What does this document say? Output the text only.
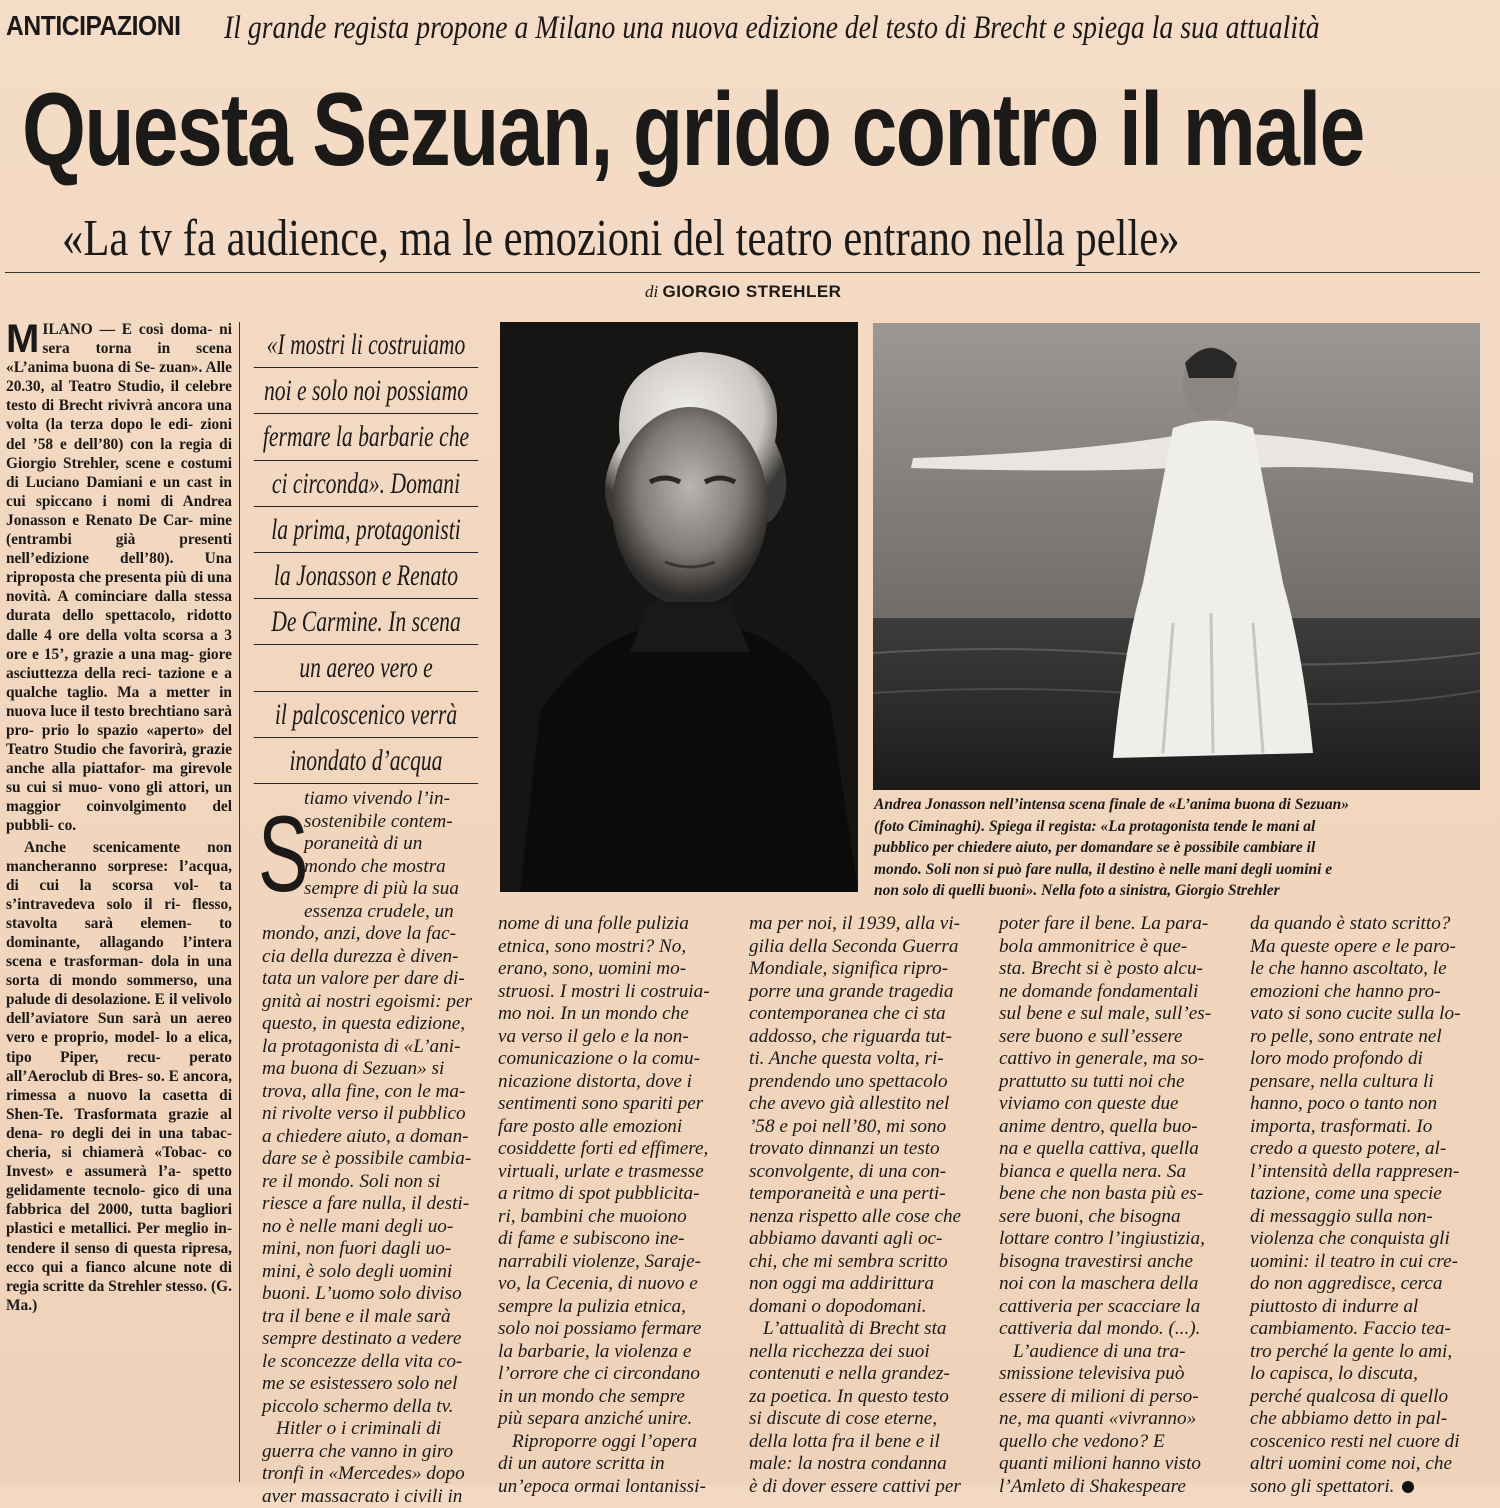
ANTICIPAZIONI Il grande regista propone a Milano una nuova edizione del testo di Brecht e spiega la sua attualità
Questa Sezuan, grido contro il male
«La tv fa audience, ma le emozioni del teatro entrano nella pelle»
di GIORGIO STREHLER
M ILANO — E così doma- ni sera torna in scena «L’anima buona di Se- zuan». Alle 20.30, al Teatro Studio, il celebre testo di Brecht rivivrà ancora una volta (la terza dopo le edi- zioni del ’58 e dell’80) con la regia di Giorgio Strehler, scene e costumi di Luciano Damiani e un cast in cui spiccano i nomi di Andrea Jonasson e Renato De Car- mine (entrambi già presenti nell’edizione dell’80). Una riproposta che presenta più di una novità. A cominciare dalla stessa durata dello spettacolo, ridotto dalle 4 ore della volta scorsa a 3 ore e 15’, grazie a una mag- giore asciuttezza della reci- tazione e a qualche taglio. Ma a metter in nuova luce il testo brechtiano sarà pro- prio lo spazio «aperto» del Teatro Studio che favorirà, grazie anche alla piattafor- ma girevole su cui si muo- vono gli attori, un maggior coinvolgimento del pubbli- co.
Anche scenicamente non mancheranno sorprese: l’acqua, di cui la scorsa vol- ta s’intravedeva solo il ri- flesso, stavolta sarà elemen- to dominante, allagando l’intera scena e trasforman- dola in una sorta di mondo sommerso, una palude di desolazione. E il velivolo dell’aviatore Sun sarà un aereo vero e proprio, model- lo a elica, tipo Piper, recu- perato all’Aeroclub di Bres- so. E ancora, rimessa a nuovo la casetta di Shen-Te. Trasformata grazie al dena- ro degli dei in una tabac- cheria, si chiamerà «Tobac- co Invest» e assumerà l’a- spetto gelidamente tecnolo- gico di una fabbrica del 2000, tutta bagliori plastici e metallici. Per meglio in- tendere il senso di questa ripresa, ecco qui a fianco alcune note di regia scritte da Strehler stesso. (G. Ma.)
«I mostri li costruiamo
noi e solo noi possiamo
fermare la barbarie che
ci circonda». Domani
la prima, protagonisti
la Jonasson e Renato
De Carmine. In scena
un aereo vero e
il palcoscenico verrà
inondato d’acqua
Andrea Jonasson nell’intensa scena finale de «L’anima buona di Sezuan»
(foto Ciminaghi). Spiega il regista: «La protagonista tende le mani al
pubblico per chiedere aiuto, per domandare se è possibile cambiare il
mondo. Soli non si può fare nulla, il destino è nelle mani degli uomini e
non solo di quelli buoni». Nella foto a sinistra, Giorgio Strehler
S
tiamo vivendo l’in-
sostenibile contem-
poraneità di un
mondo che mostra
sempre di più la sua
essenza crudele, un
mondo, anzi, dove la fac-
cia della durezza è diven-
tata un valore per dare di-
gnità ai nostri egoismi: per
questo, in questa edizione,
la protagonista di «L’ani-
ma buona di Sezuan» si
trova, alla fine, con le ma-
ni rivolte verso il pubblico
a chiedere aiuto, a doman-
dare se è possibile cambia-
re il mondo. Soli non si
riesce a fare nulla, il desti-
no è nelle mani degli uo-
mini, non fuori dagli uo-
mini, è solo degli uomini
buoni. L’uomo solo diviso
tra il bene e il male sarà
sempre destinato a vedere
le sconcezze della vita co-
me se esistessero solo nel
piccolo schermo della tv.
Hitler o i criminali di
guerra che vanno in giro
tronfi in «Mercedes» dopo
aver massacrato i civili in
nome di una folle pulizia
etnica, sono mostri? No,
erano, sono, uomini mo-
struosi. I mostri li costruia-
mo noi. In un mondo che
va verso il gelo e la non-
comunicazione o la comu-
nicazione distorta, dove i
sentimenti sono spariti per
fare posto alle emozioni
cosiddette forti ed effimere,
virtuali, urlate e trasmesse
a ritmo di spot pubblicita-
ri, bambini che muoiono
di fame e subiscono ine-
narrabili violenze, Saraje-
vo, la Cecenia, di nuovo e
sempre la pulizia etnica,
solo noi possiamo fermare
la barbarie, la violenza e
l’orrore che ci circondano
in un mondo che sempre
più separa anziché unire.
Riproporre oggi l’opera
di un autore scritta in
un’epoca ormai lontanissi-
ma per noi, il 1939, alla vi-
gilia della Seconda Guerra
Mondiale, significa ripro-
porre una grande tragedia
contemporanea che ci sta
addosso, che riguarda tut-
ti. Anche questa volta, ri-
prendendo uno spettacolo
che avevo già allestito nel
’58 e poi nell’80, mi sono
trovato dinnanzi un testo
sconvolgente, di una con-
temporaneità e una perti-
nenza rispetto alle cose che
abbiamo davanti agli oc-
chi, che mi sembra scritto
non oggi ma addirittura
domani o dopodomani.
L’attualità di Brecht sta
nella ricchezza dei suoi
contenuti e nella grandez-
za poetica. In questo testo
si discute di cose eterne,
della lotta fra il bene e il
male: la nostra condanna
è di dover essere cattivi per
poter fare il bene. La para-
bola ammonitrice è que-
sta. Brecht si è posto alcu-
ne domande fondamentali
sul bene e sul male, sull’es-
sere buono e sull’essere
cattivo in generale, ma so-
prattutto su tutti noi che
viviamo con queste due
anime dentro, quella buo-
na e quella cattiva, quella
bianca e quella nera. Sa
bene che non basta più es-
sere buoni, che bisogna
lottare contro l’ingiustizia,
bisogna travestirsi anche
noi con la maschera della
cattiveria per scacciare la
cattiveria dal mondo. (...).
L’audience di una tra-
smissione televisiva può
essere di milioni di perso-
ne, ma quanti «vivranno»
quello che vedono? E
quanti milioni hanno visto
l’Amleto di Shakespeare
da quando è stato scritto?
Ma queste opere e le paro-
le che hanno ascoltato, le
emozioni che hanno pro-
vato si sono cucite sulla lo-
ro pelle, sono entrate nel
loro modo profondo di
pensare, nella cultura li
hanno, poco o tanto non
importa, trasformati. Io
credo a questo potere, al-
l’intensità della rappresen-
tazione, come una specie
di messaggio sulla non-
violenza che conquista gli
uomini: il teatro in cui cre-
do non aggredisce, cerca
piuttosto di indurre al
cambiamento. Faccio tea-
tro perché la gente lo ami,
lo capisca, lo discuta,
perché qualcosa di quello
che abbiamo detto in pal-
coscenico resti nel cuore di
altri uomini come noi, che
sono gli spettatori.
